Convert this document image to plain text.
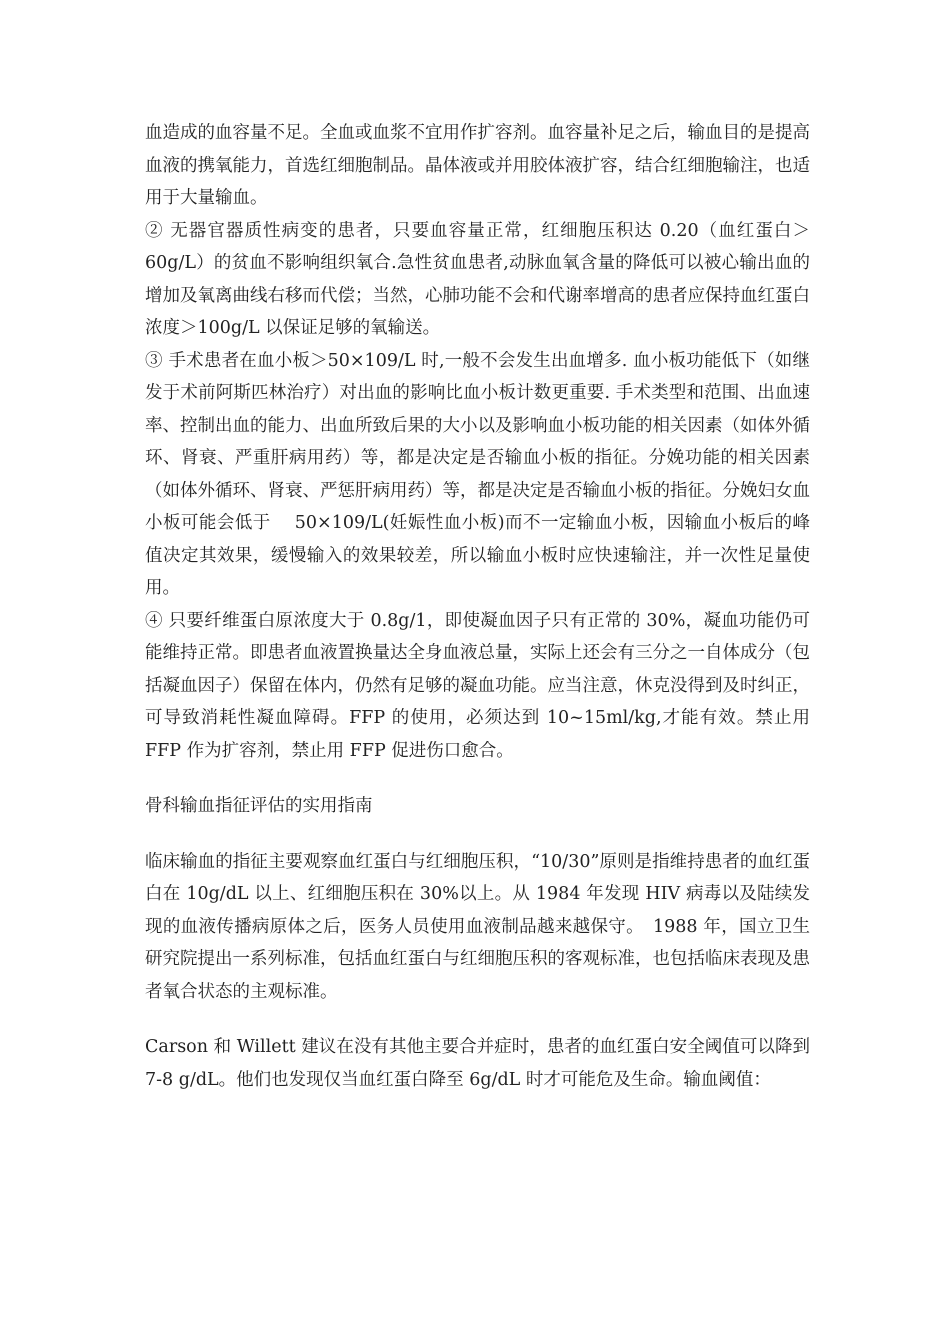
血造成的血容量不足。全血或血浆不宜用作扩容剂。血容量补足之后，输血目的是提高血液的携氧能力，首选红细胞制品。晶体液或并用胶体液扩容，结合红细胞输注，也适用于大量输血。

② 无器官器质性病变的患者，只要血容量正常，红细胞压积达 0.20（血红蛋白＞60g/L）的贫血不影响组织氧合.急性贫血患者,动脉血氧含量的降低可以被心输出血的增加及氧离曲线右移而代偿；当然，心肺功能不会和代谢率增高的患者应保持血红蛋白浓度＞100g/L 以保证足够的氧输送。

③ 手术患者在血小板＞50×109/L 时,一般不会发生出血增多. 血小板功能低下（如继发于术前阿斯匹林治疗）对出血的影响比血小板计数更重要. 手术类型和范围、出血速率、控制出血的能力、出血所致后果的大小以及影响血小板功能的相关因素（如体外循环、肾衰、严重肝病用药）等，都是决定是否输血小板的指征。分娩功能的相关因素（如体外循环、肾衰、严惩肝病用药）等，都是决定是否输血小板的指征。分娩妇女血小板可能会低于　 50×109/L(妊娠性血小板)而不一定输血小板，因输血小板后的峰值决定其效果，缓慢输入的效果较差，所以输血小板时应快速输注，并一次性足量使用。

④ 只要纤维蛋白原浓度大于 0.8g/1，即使凝血因子只有正常的 30%，凝血功能仍可能维持正常。即患者血液置换量达全身血液总量，实际上还会有三分之一自体成分（包括凝血因子）保留在体内，仍然有足够的凝血功能。应当注意，休克没得到及时纠正，可导致消耗性凝血障碍。FFP 的使用，必须达到 10~15ml/kg,才能有效。禁止用 FFP 作为扩容剂，禁止用 FFP 促进伤口愈合。

骨科输血指征评估的实用指南

临床输血的指征主要观察血红蛋白与红细胞压积，“10/30”原则是指维持患者的血红蛋白在 10g/dL 以上、红细胞压积在 30%以上。从 1984 年发现 HIV 病毒以及陆续发现的血液传播病原体之后，医务人员使用血液制品越来越保守。　1988 年，国立卫生研究院提出一系列标准，包括血红蛋白与红细胞压积的客观标准，也包括临床表现及患者氧合状态的主观标准。

Carson 和 Willett 建议在没有其他主要合并症时，患者的血红蛋白安全阈值可以降到 7-8 g/dL。他们也发现仅当血红蛋白降至 6g/dL 时才可能危及生命。输血阈值：
